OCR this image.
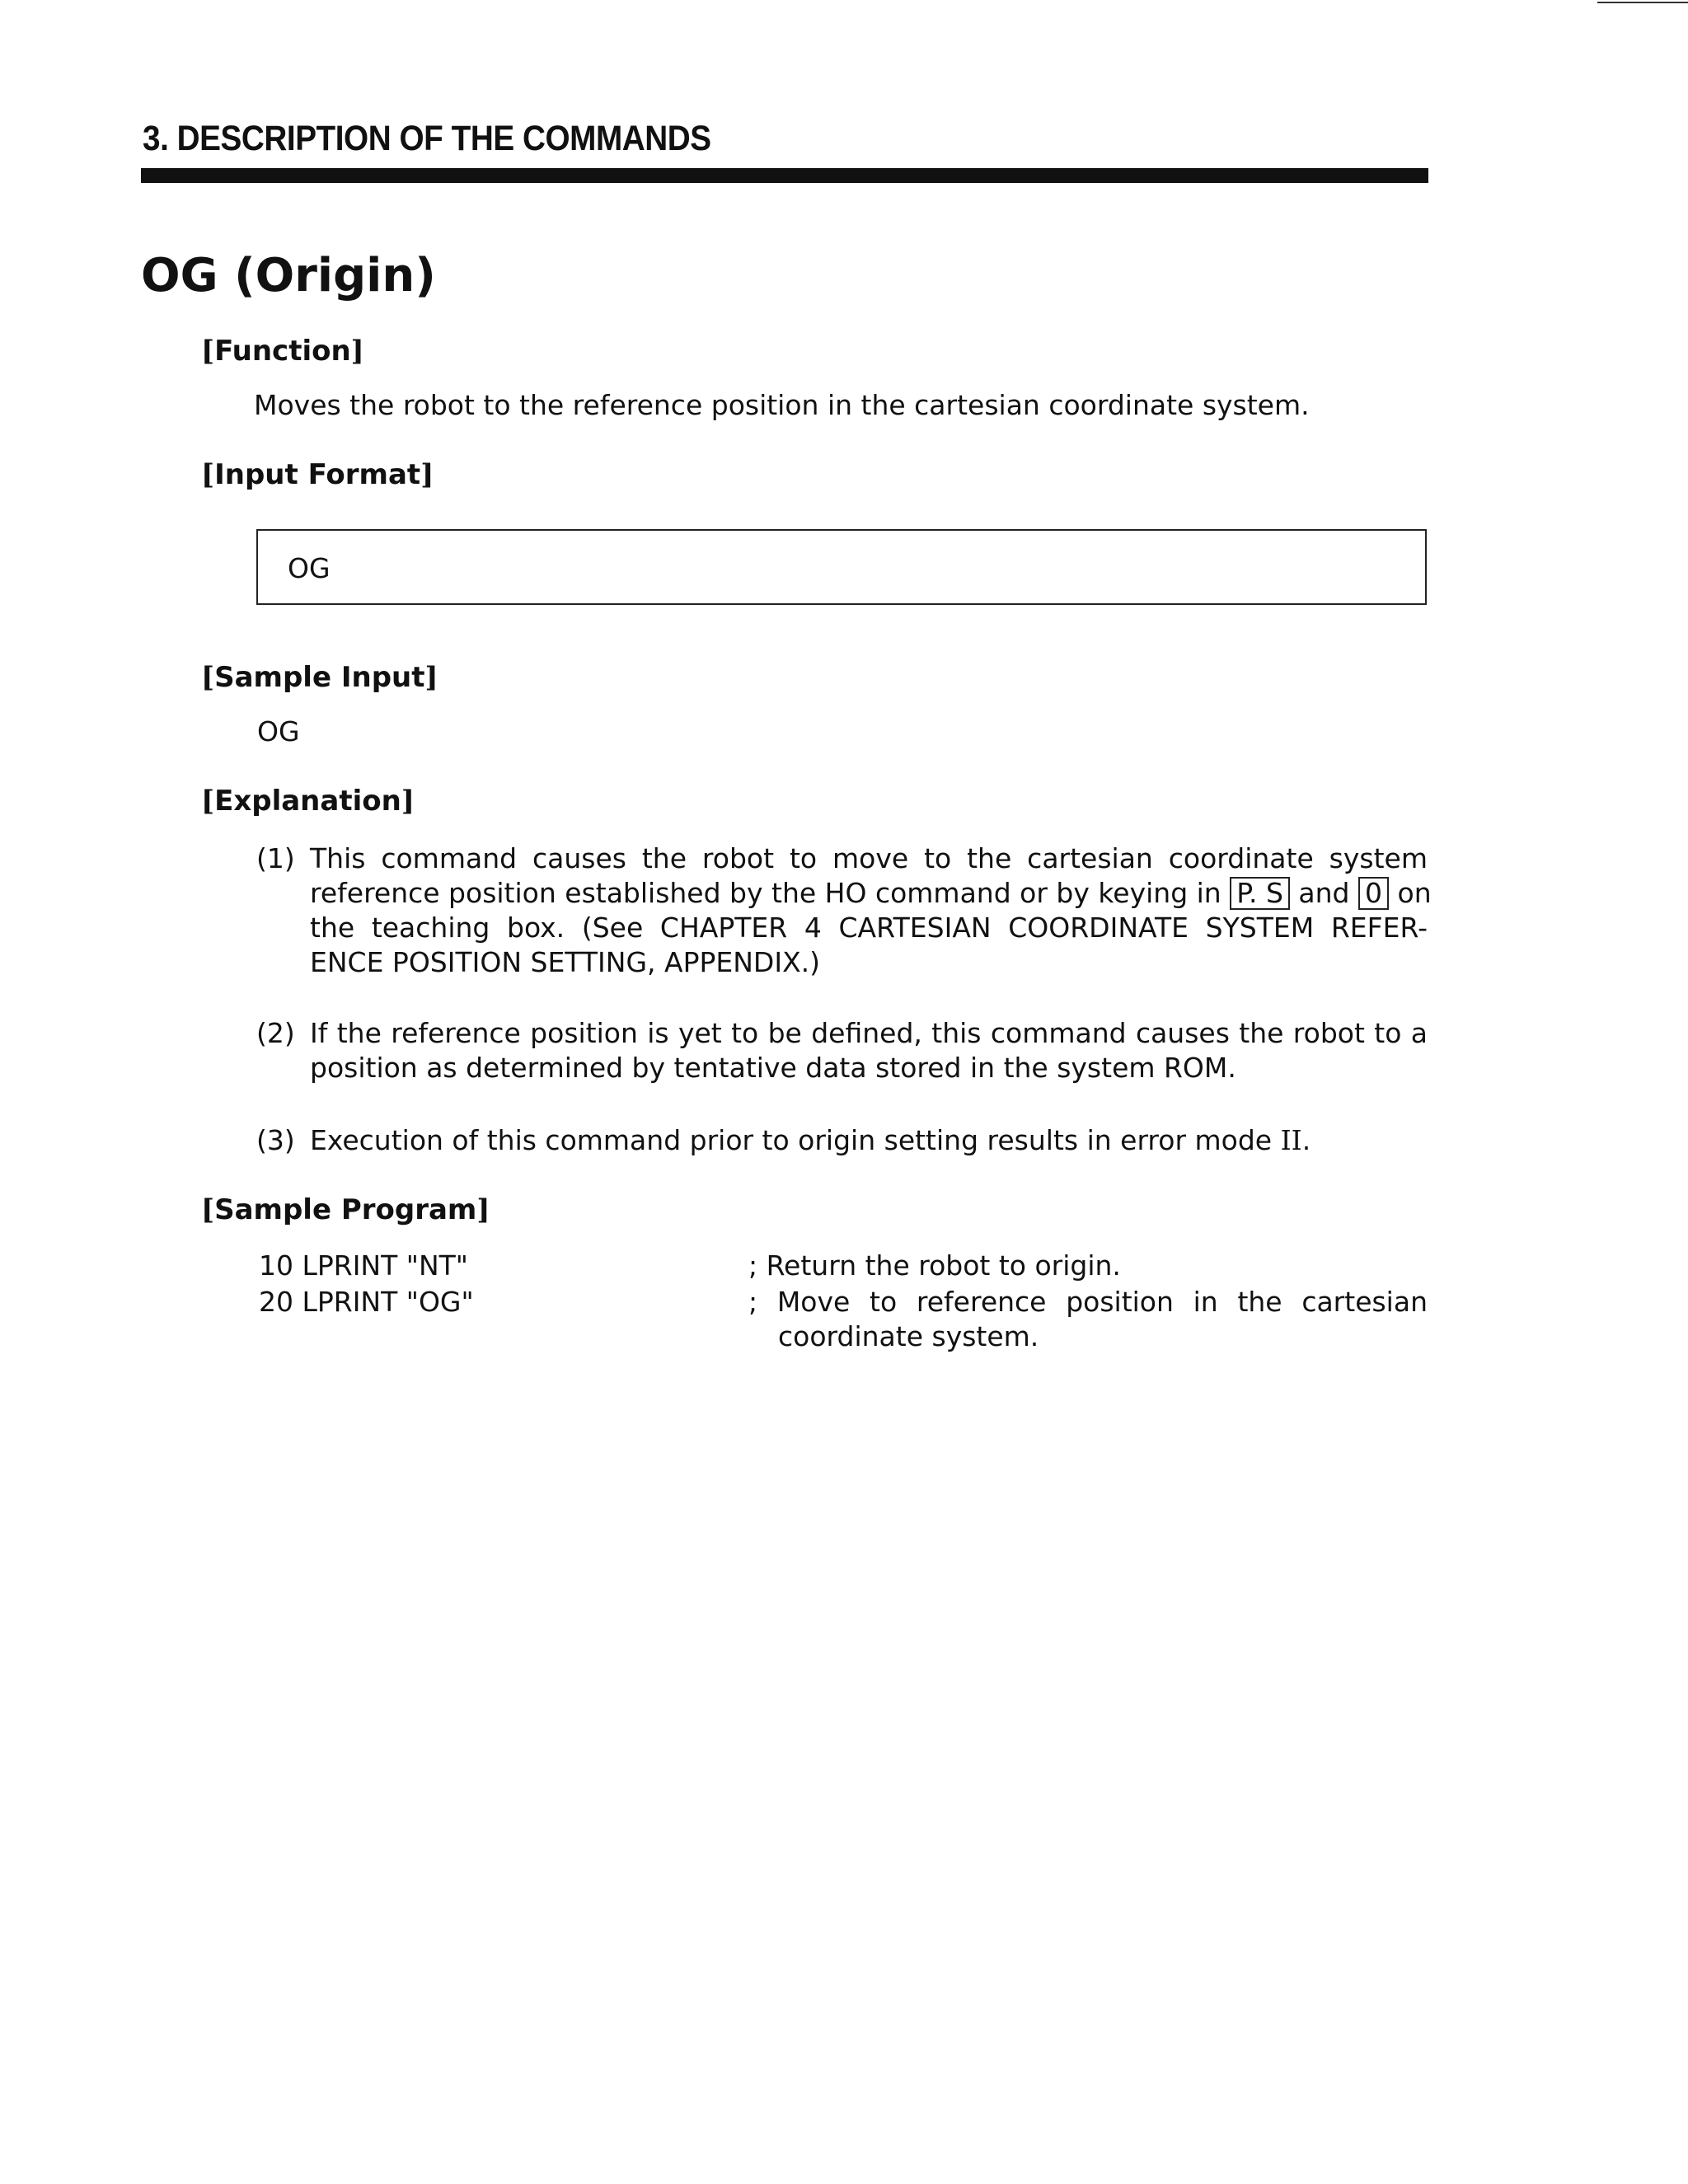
3. DESCRIPTION OF THE COMMANDS
OG (Origin)
[Function]
Moves the robot to the reference position in the cartesian coordinate system.
[Input Format]
OG
[Sample Input]
OG
[Explanation]
(1) This command causes the robot to move to the cartesian coordinate system
reference position established by the HO command or by keying in P. S and 0 on
the teaching box. (See CHAPTER 4 CARTESIAN COORDINATE SYSTEM REFER-
ENCE POSITION SETTING, APPENDIX.)
(2) If the reference position is yet to be defined, this command causes the robot to a
position as determined by tentative data stored in the system ROM.
(3) Execution of this command prior to origin setting results in error mode II.
[Sample Program]
10 LPRINT "NT"	; Return the robot to origin.
20 LPRINT "OG"	; Move to reference position in the cartesian
coordinate system.
